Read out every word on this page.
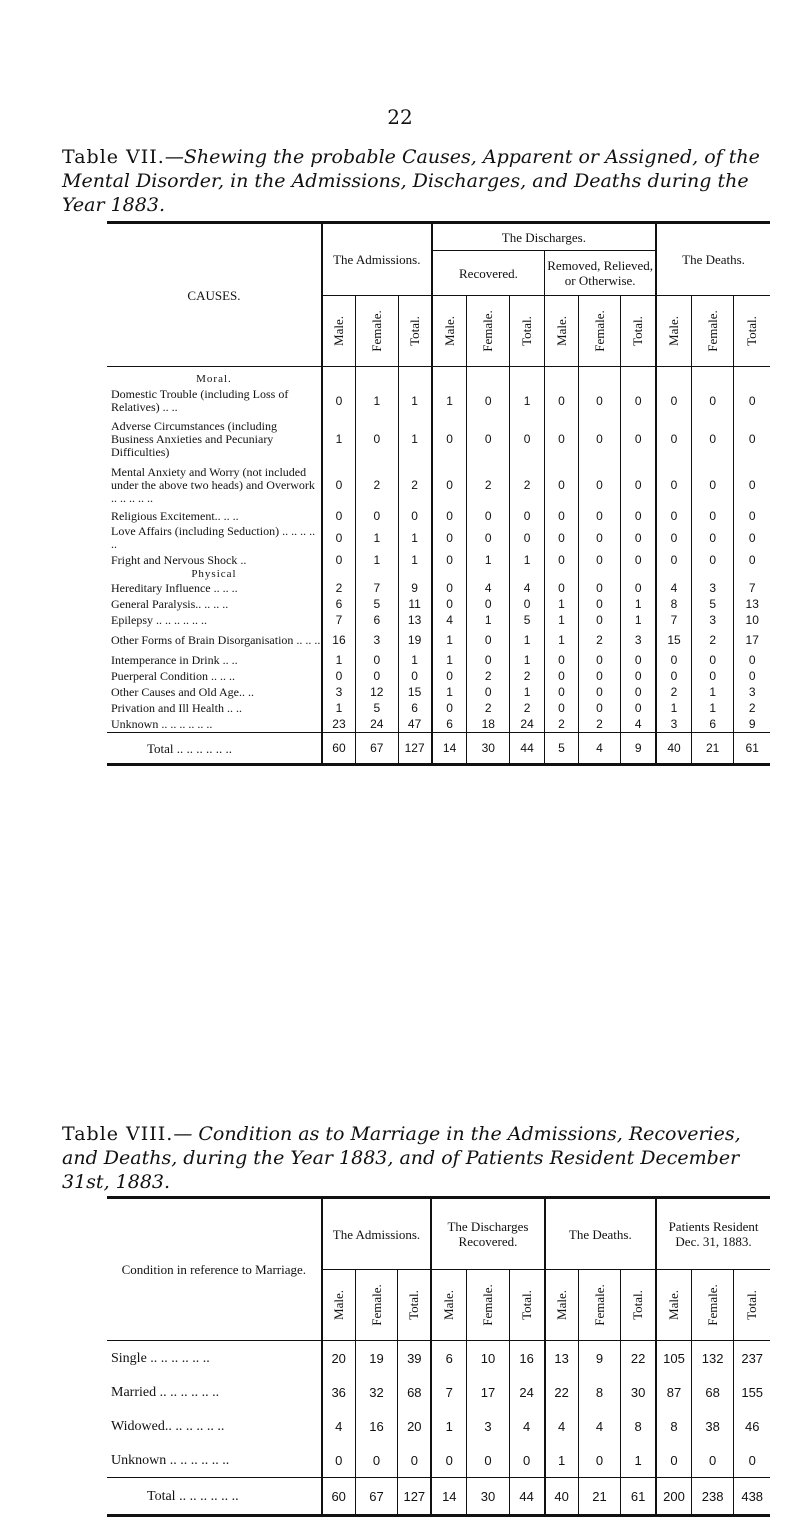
22
Table VII.—Shewing the probable Causes, Apparent or Assigned, of the Mental Disorder, in the Admissions, Discharges, and Deaths during the Year 1883.
CAUSES.	The Admissions.			The Discharges.						The Deaths.		
				Recovered.			Removed, Relieved, or Otherwise.					
	Male.	Female.	Total.	Male.	Female.	Total.	Male.	Female.	Total.	Male.	Female.	Total.
Moral.												
Domestic Trouble (including Loss of Relatives) .. ..	0	1	1	1	0	1	0	0	0	0	0	0
Adverse Circumstances (including Business Anxieties and Pecuniary Difficulties)	1	0	1	0	0	0	0	0	0	0	0	0
Mental Anxiety and Worry (not included under the above two heads) and Overwork .. .. .. .. ..	0	2	2	0	2	2	0	0	0	0	0	0
Religious Excitement.. .. ..	0	0	0	0	0	0	0	0	0	0	0	0
Love Affairs (including Seduction) .. .. .. .. ..	0	1	1	0	0	0	0	0	0	0	0	0
Fright and Nervous Shock ..	0	1	1	0	1	1	0	0	0	0	0	0
Physical												
Hereditary Influence .. .. ..	2	7	9	0	4	4	0	0	0	4	3	7
General Paralysis.. .. .. ..	6	5	11	0	0	0	1	0	1	8	5	13
Epilepsy .. .. .. .. .. ..	7	6	13	4	1	5	1	0	1	7	3	10
Other Forms of Brain Disorganisation .. .. ..	16	3	19	1	0	1	1	2	3	15	2	17
Intemperance in Drink .. ..	1	0	1	1	0	1	0	0	0	0	0	0
Puerperal Condition .. .. ..	0	0	0	0	2	2	0	0	0	0	0	0
Other Causes and Old Age.. ..	3	12	15	1	0	1	0	0	0	2	1	3
Privation and Ill Health .. ..	1	5	6	0	2	2	0	0	0	1	1	2
Unknown .. .. .. .. .. ..	23	24	47	6	18	24	2	2	4	3	6	9
Total .. .. .. .. .. ..	60	67	127	14	30	44	5	4	9	40	21	61
Table VIII.— Condition as to Marriage in the Admissions, Recoveries, and Deaths, during the Year 1883, and of Patients Resident December 31st, 1883.
Condition in reference to Marriage.	The Admissions.			The Discharges Recovered.			The Deaths.			Patients Resident Dec. 31, 1883.		
	Male.	Female.	Total.	Male.	Female.	Total.	Male.	Female.	Total.	Male.	Female.	Total.
Single .. .. .. .. .. ..	20	19	39	6	10	16	13	9	22	105	132	237
Married .. .. .. .. .. ..	36	32	68	7	17	24	22	8	30	87	68	155
Widowed.. .. .. .. .. ..	4	16	20	1	3	4	4	4	8	8	38	46
Unknown .. .. .. .. .. ..	0	0	0	0	0	0	1	0	1	0	0	0
Total .. .. .. .. .. ..	60	67	127	14	30	44	40	21	61	200	238	438
